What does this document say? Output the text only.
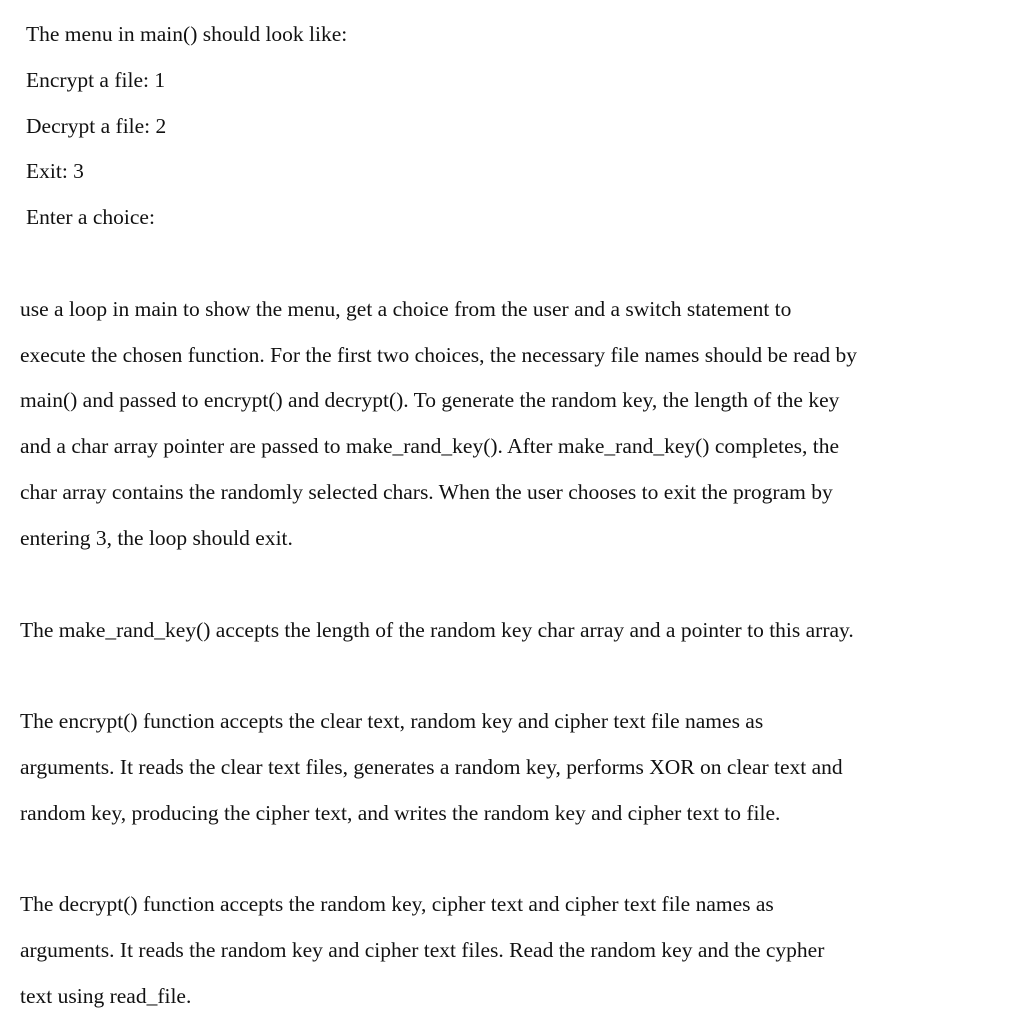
The menu in main() should look like:

Encrypt a file: 1

Decrypt a file: 2

Exit: 3

Enter a choice:

use a loop in main to show the menu, get a choice from the user and a switch statement to

execute the chosen function. For the first two choices, the necessary file names should be read by

main() and passed to encrypt() and decrypt(). To generate the random key, the length of the key

and a char array pointer are passed to make_rand_key(). After make_rand_key() completes, the

char array contains the randomly selected chars. When the user chooses to exit the program by

entering 3, the loop should exit.

The make_rand_key() accepts the length of the random key char array and a pointer to this array.

The encrypt() function accepts the clear text, random key and cipher text file names as

arguments. It reads the clear text files, generates a random key, performs XOR on clear text and

random key, producing the cipher text, and writes the random key and cipher text to file.

The decrypt() function accepts the random key, cipher text and cipher text file names as

arguments. It reads the random key and cipher text files. Read the random key and the cypher

text using read_file.
